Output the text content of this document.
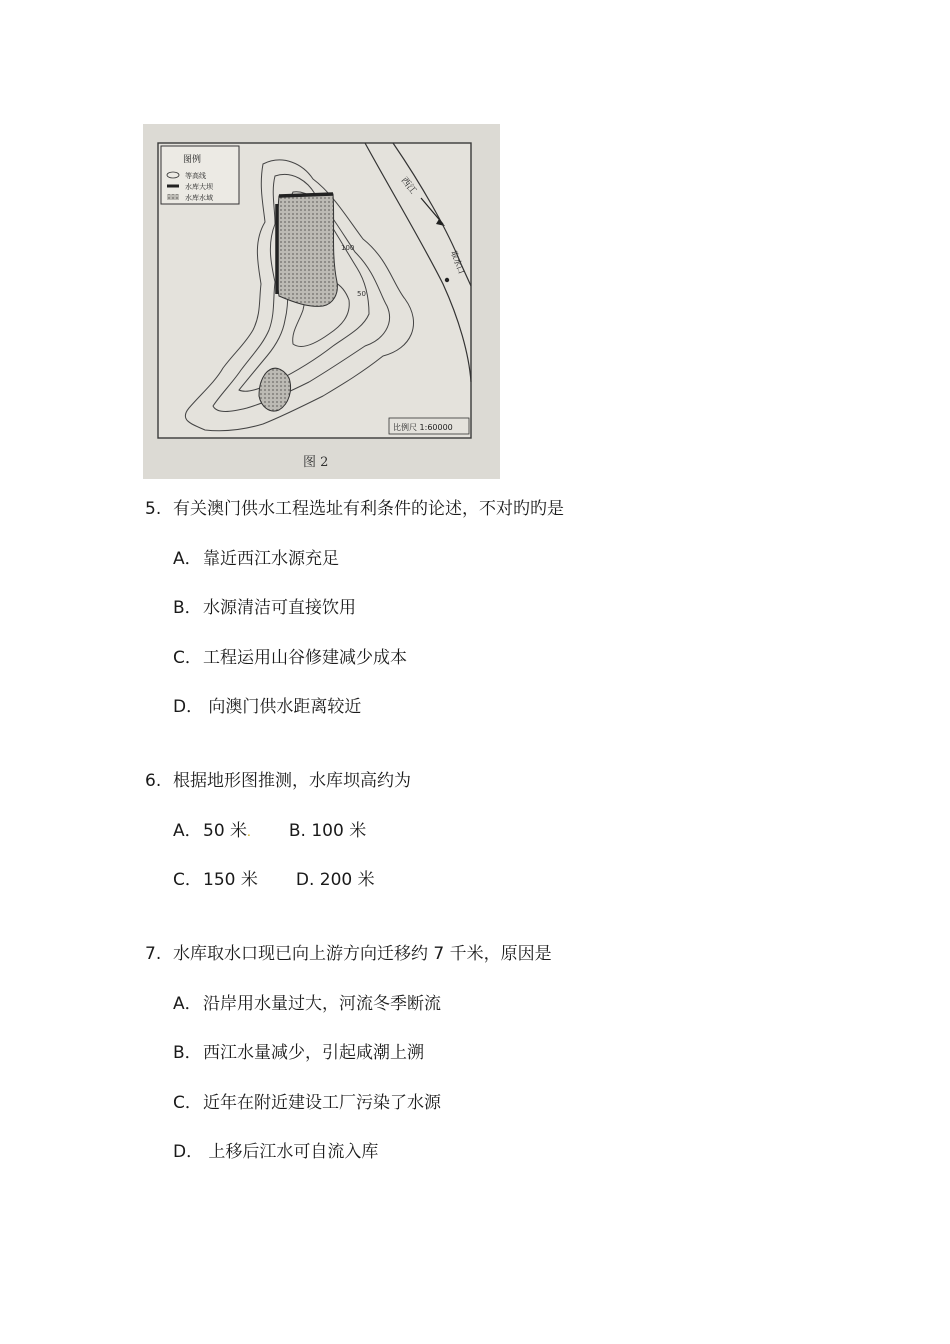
图例
等高线
水库大坝
水库水域
西江
取水口
100
50
比例尺 1:60000
图 2
5. 有关澳门供水工程选址有利条件的论述，不对旳旳是
A．靠近西江水源充足
B．水源清洁可直接饮用
C．工程运用山谷修建减少成本
D． 向澳门供水距离较近
6. 根据地形图推测，水库坝高约为
A．50 米. B. 100 米
C．150 米 D. 200 米
7. 水库取水口现已向上游方向迁移约 7 千米，原因是
A．沿岸用水量过大，河流冬季断流
B．西江水量减少，引起咸潮上溯
C．近年在附近建设工厂污染了水源
D． 上移后江水可自流入库
